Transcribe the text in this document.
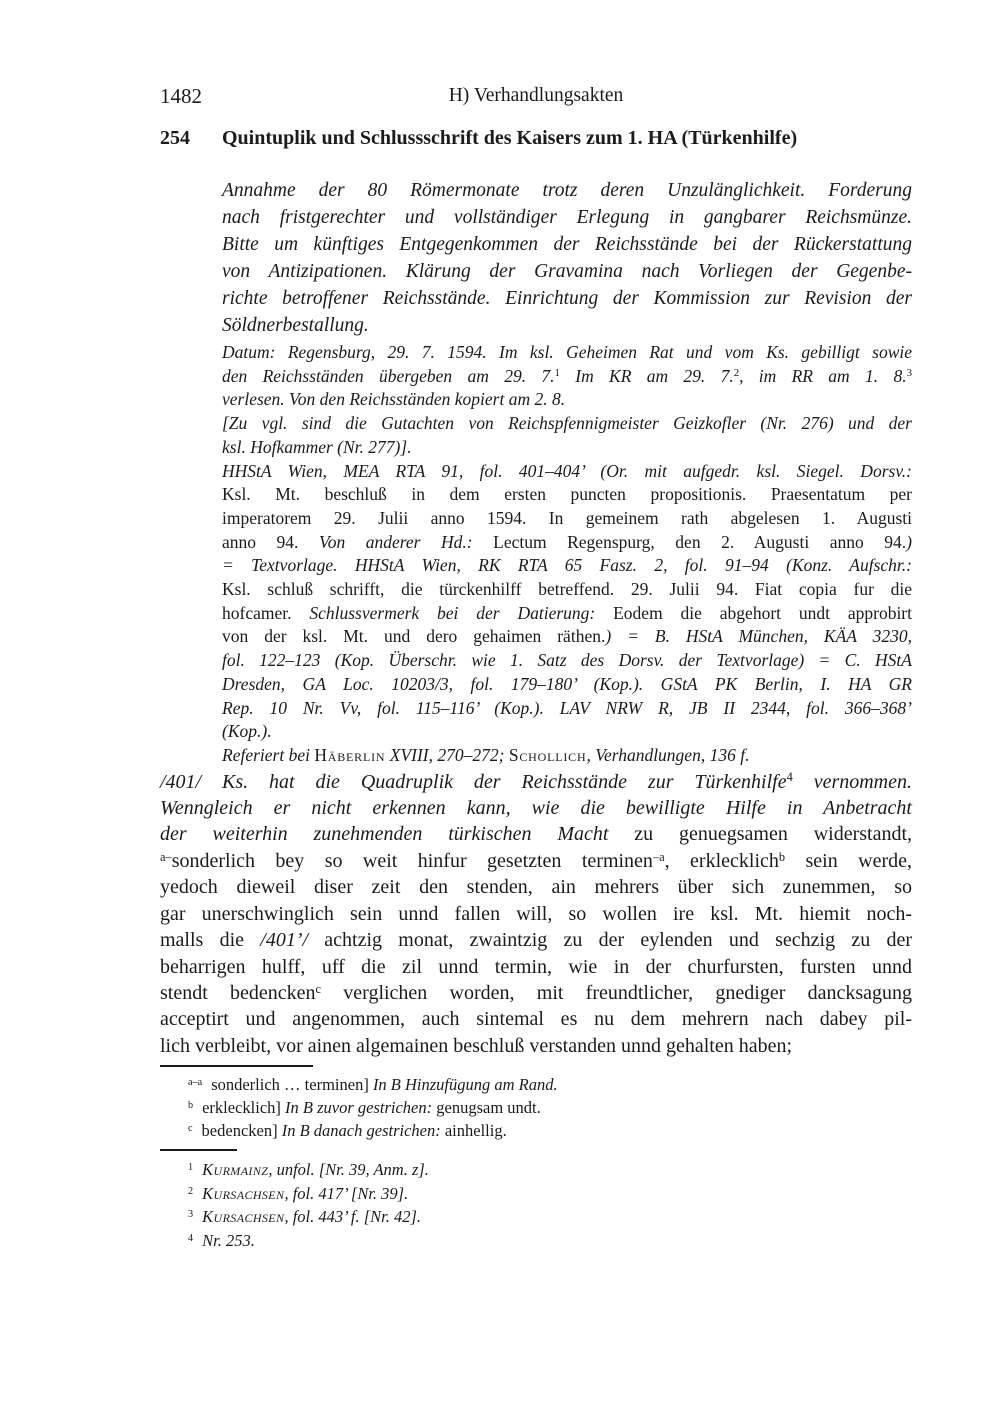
1482	H) Verhandlungsakten
254	Quintuplik und Schlussschrift des Kaisers zum 1. HA (Türkenhilfe)
Annahme der 80 Römermonate trotz deren Unzulänglichkeit. Forderung
nach fristgerechter und vollständiger Erlegung in gangbarer Reichsmünze.
Bitte um künftiges Entgegenkommen der Reichsstände bei der Rückerstattung
von Antizipationen. Klärung der Gravamina nach Vorliegen der Gegenbe-
richte betroffener Reichsstände. Einrichtung der Kommission zur Revision der
Söldnerbestallung.
Datum: Regensburg, 29. 7. 1594. Im ksl. Geheimen Rat und vom Ks. gebilligt sowie
den Reichsständen übergeben am 29. 7.$^1$ Im KR am 29. 7.$^2$, im RR am 1. 8.$^3$
verlesen. Von den Reichsständen kopiert am 2. 8.
[Zu vgl. sind die Gutachten von Reichspfennigmeister Geizkofler (Nr. 276) und der
ksl. Hofkammer (Nr. 277)].
HHStA Wien, MEA RTA 91, fol. 401–404’ (Or. mit aufgedr. ksl. Siegel. Dorsv.:
Ksl. Mt. beschluß in dem ersten puncten propositionis. Praesentatum per
imperatorem 29. Julii anno 1594. In gemeinem rath abgelesen 1. Augusti
anno 94. Von anderer Hd.: Lectum Regenspurg, den 2. Augusti anno 94.)
= Textvorlage. HHStA Wien, RK RTA 65 Fasz. 2, fol. 91–94 (Konz. Aufschr.:
Ksl. schluß schrifft, die türckenhilff betreffend. 29. Julii 94. Fiat copia fur die
hofcamer. Schlussvermerk bei der Datierung: Eodem die abgehort undt approbirt
von der ksl. Mt. und dero gehaimen räthen.) = B. HStA München, KÄA 3230,
fol. 122–123 (Kop. Überschr. wie 1. Satz des Dorsv. der Textvorlage) = C. HStA
Dresden, GA Loc. 10203/3, fol. 179–180’ (Kop.). GStA PK Berlin, I. HA GR
Rep. 10 Nr. Vv, fol. 115–116’ (Kop.). LAV NRW R, JB II 2344, fol. 366–368’
(Kop.).
Referiert bei Häberlin XVIII, 270–272; Schollich, Verhandlungen, 136 f.
/401/ Ks. hat die Quadruplik der Reichsstände zur Türkenhilfe$^4$ vernommen.
Wenngleich er nicht erkennen kann, wie die bewilligte Hilfe in Anbetracht
der weiterhin zunehmenden türkischen Macht zu genuegsamen widerstandt,
$^{a-}$sonderlich bey so weit hinfur gesetzten terminen$^{-a}$, erklecklich$^b$ sein werde,
yedoch dieweil diser zeit den stenden, ain mehrers über sich zunemmen, so
gar unerschwinglich sein unnd fallen will, so wollen ire ksl. Mt. hiemit noch-
malls die /401’/ achtzig monat, zwaintzig zu der eylenden und sechzig zu der
beharrigen hulff, uff die zil unnd termin, wie in der churfursten, fursten unnd
stendt bedencken$^c$ verglichen worden, mit freundtlicher, gnediger dancksagung
acceptirt und angenommen, auch sintemal es nu dem mehrern nach dabey pil-
lich verbleibt, vor ainen algemainen beschluß verstanden unnd gehalten haben;
$^{a-a}$ sonderlich … terminen] In B Hinzufügung am Rand.
$^b$ erklecklich] In B zuvor gestrichen: genugsam undt.
$^c$ bedencken] In B danach gestrichen: ainhellig.
$^1$ Kurmainz, unfol. [Nr. 39, Anm. z].
$^2$ Kursachsen, fol. 417’ [Nr. 39].
$^3$ Kursachsen, fol. 443’ f. [Nr. 42].
$^4$ Nr. 253.
